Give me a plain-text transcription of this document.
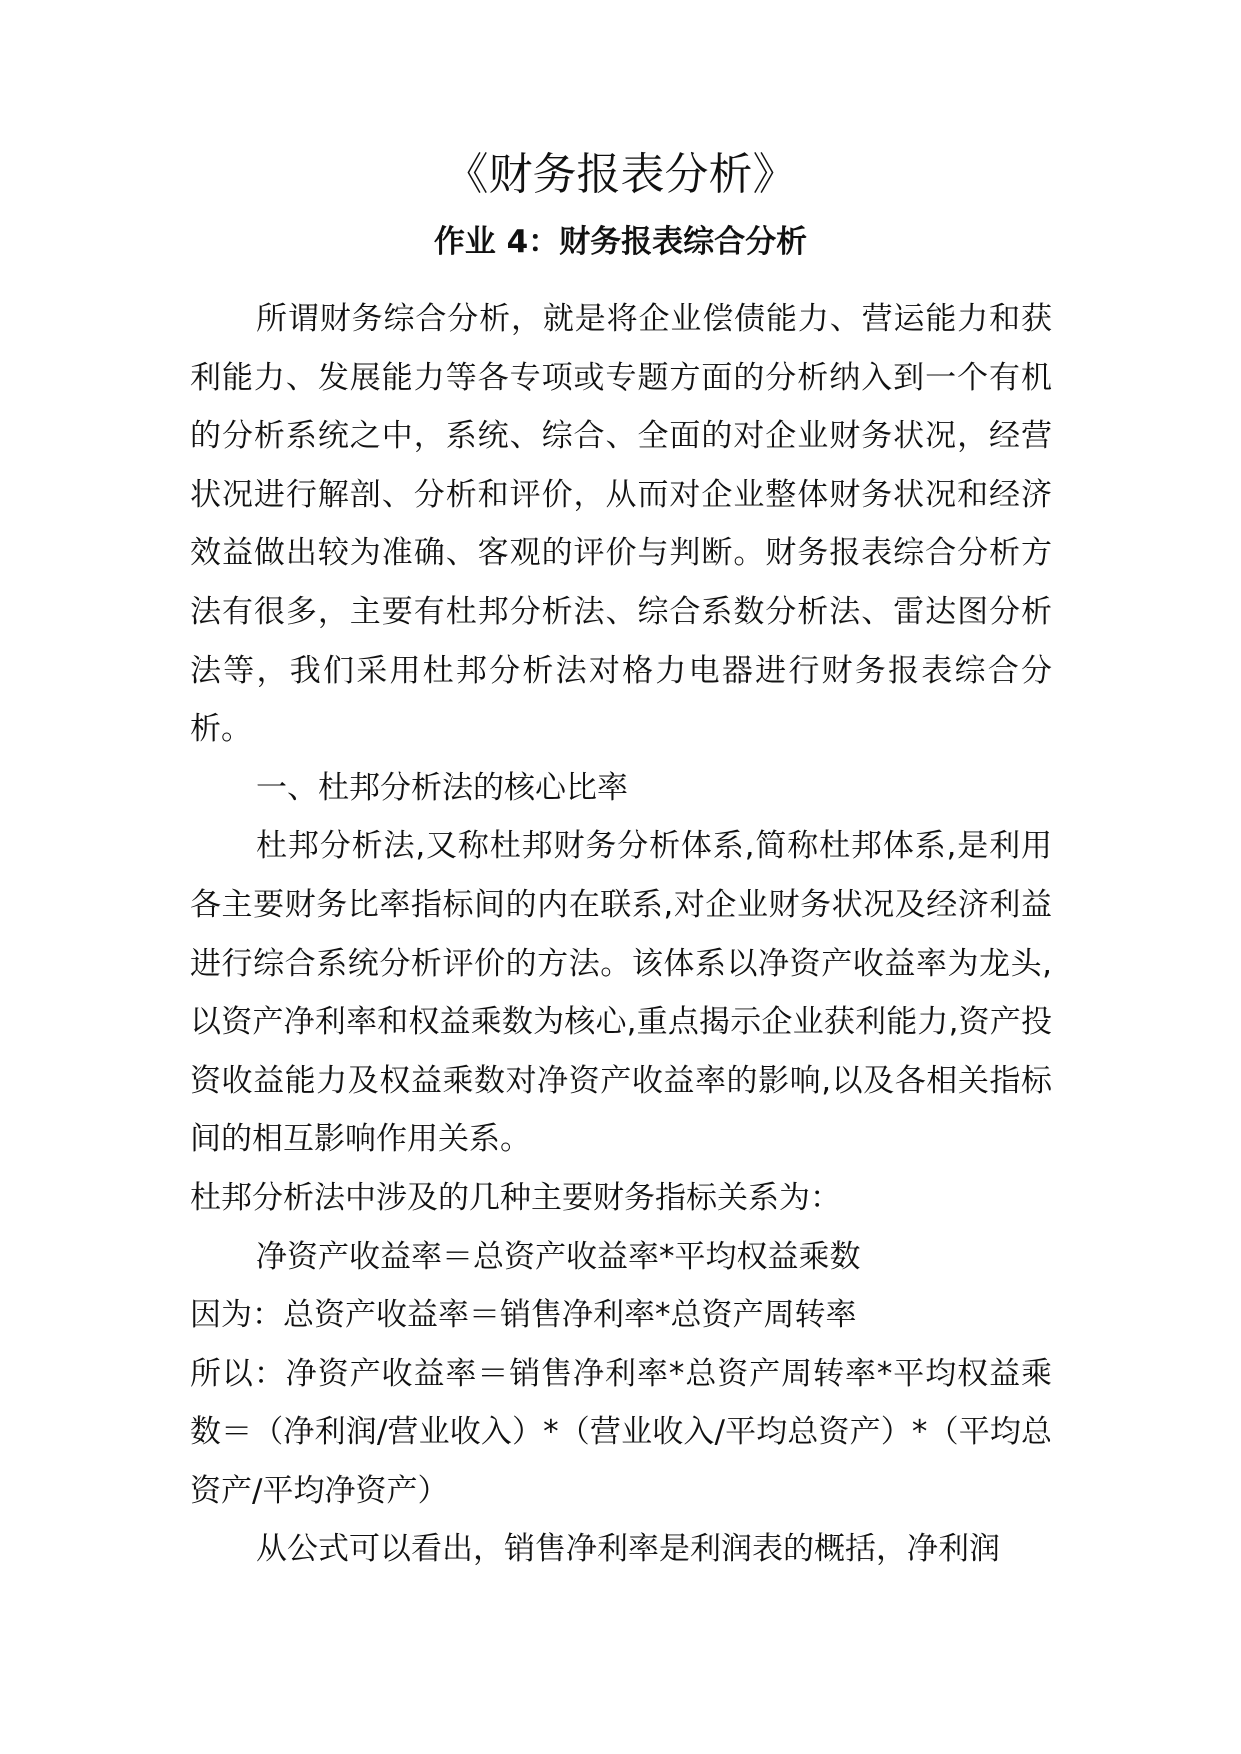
《财务报表分析》
作业 4：财务报表综合分析

所谓财务综合分析，就是将企业偿债能力、营运能力和获利能力、发展能力等各专项或专题方面的分析纳入到一个有机的分析系统之中，系统、综合、全面的对企业财务状况，经营状况进行解剖、分析和评价，从而对企业整体财务状况和经济效益做出较为准确、客观的评价与判断。财务报表综合分析方法有很多，主要有杜邦分析法、综合系数分析法、雷达图分析法等，我们采用杜邦分析法对格力电器进行财务报表综合分析。

一、杜邦分析法的核心比率

杜邦分析法,又称杜邦财务分析体系,简称杜邦体系,是利用各主要财务比率指标间的内在联系,对企业财务状况及经济利益进行综合系统分析评价的方法。该体系以净资产收益率为龙头,以资产净利率和权益乘数为核心,重点揭示企业获利能力,资产投资收益能力及权益乘数对净资产收益率的影响,以及各相关指标间的相互影响作用关系。

杜邦分析法中涉及的几种主要财务指标关系为：

净资产收益率＝总资产收益率*平均权益乘数

因为：总资产收益率＝销售净利率*总资产周转率

所以：净资产收益率＝销售净利率*总资产周转率*平均权益乘数＝（净利润/营业收入）*（营业收入/平均总资产）*（平均总资产/平均净资产）

从公式可以看出，销售净利率是利润表的概括，净利润
